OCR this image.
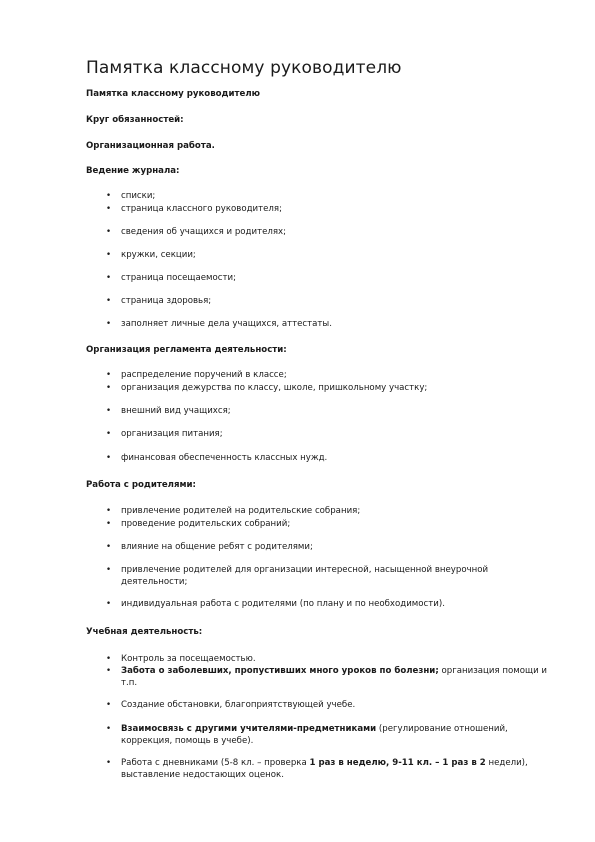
Памятка классному руководителю

Памятка классному руководителю

Круг обязанностей:

Организационная работа.

Ведение журнала:

•	списки;
•	страница классного руководителя;
•	сведения об учащихся и родителях;
•	кружки, секции;
•	страница посещаемости;
•	страница здоровья;
•	заполняет личные дела учащихся, аттестаты.

Организация регламента деятельности:

•	распределение поручений в классе;
•	организация дежурства по классу, школе, пришкольному участку;
•	внешний вид учащихся;
•	организация питания;
•	финансовая обеспеченность классных нужд.

Работа с родителями:

•	привлечение родителей на родительские собрания;
•	проведение родительских собраний;
•	влияние на общение ребят с родителями;
•	привлечение родителей для организации интересной, насыщенной внеурочной деятельности;
•	индивидуальная работа с родителями (по плану и по необходимости).

Учебная деятельность:

•	Контроль за посещаемостью.
•	Забота о заболевших, пропустивших много уроков по болезни; организация помощи и т.п.
•	Создание обстановки, благоприятствующей учебе.
•	Взаимосвязь с другими учителями-предметниками (регулирование отношений, коррекция, помощь в учебе).
•	Работа с дневниками (5-8 кл. – проверка 1 раз в неделю, 9-11 кл. – 1 раз в 2 недели), выставление недостающих оценок.
